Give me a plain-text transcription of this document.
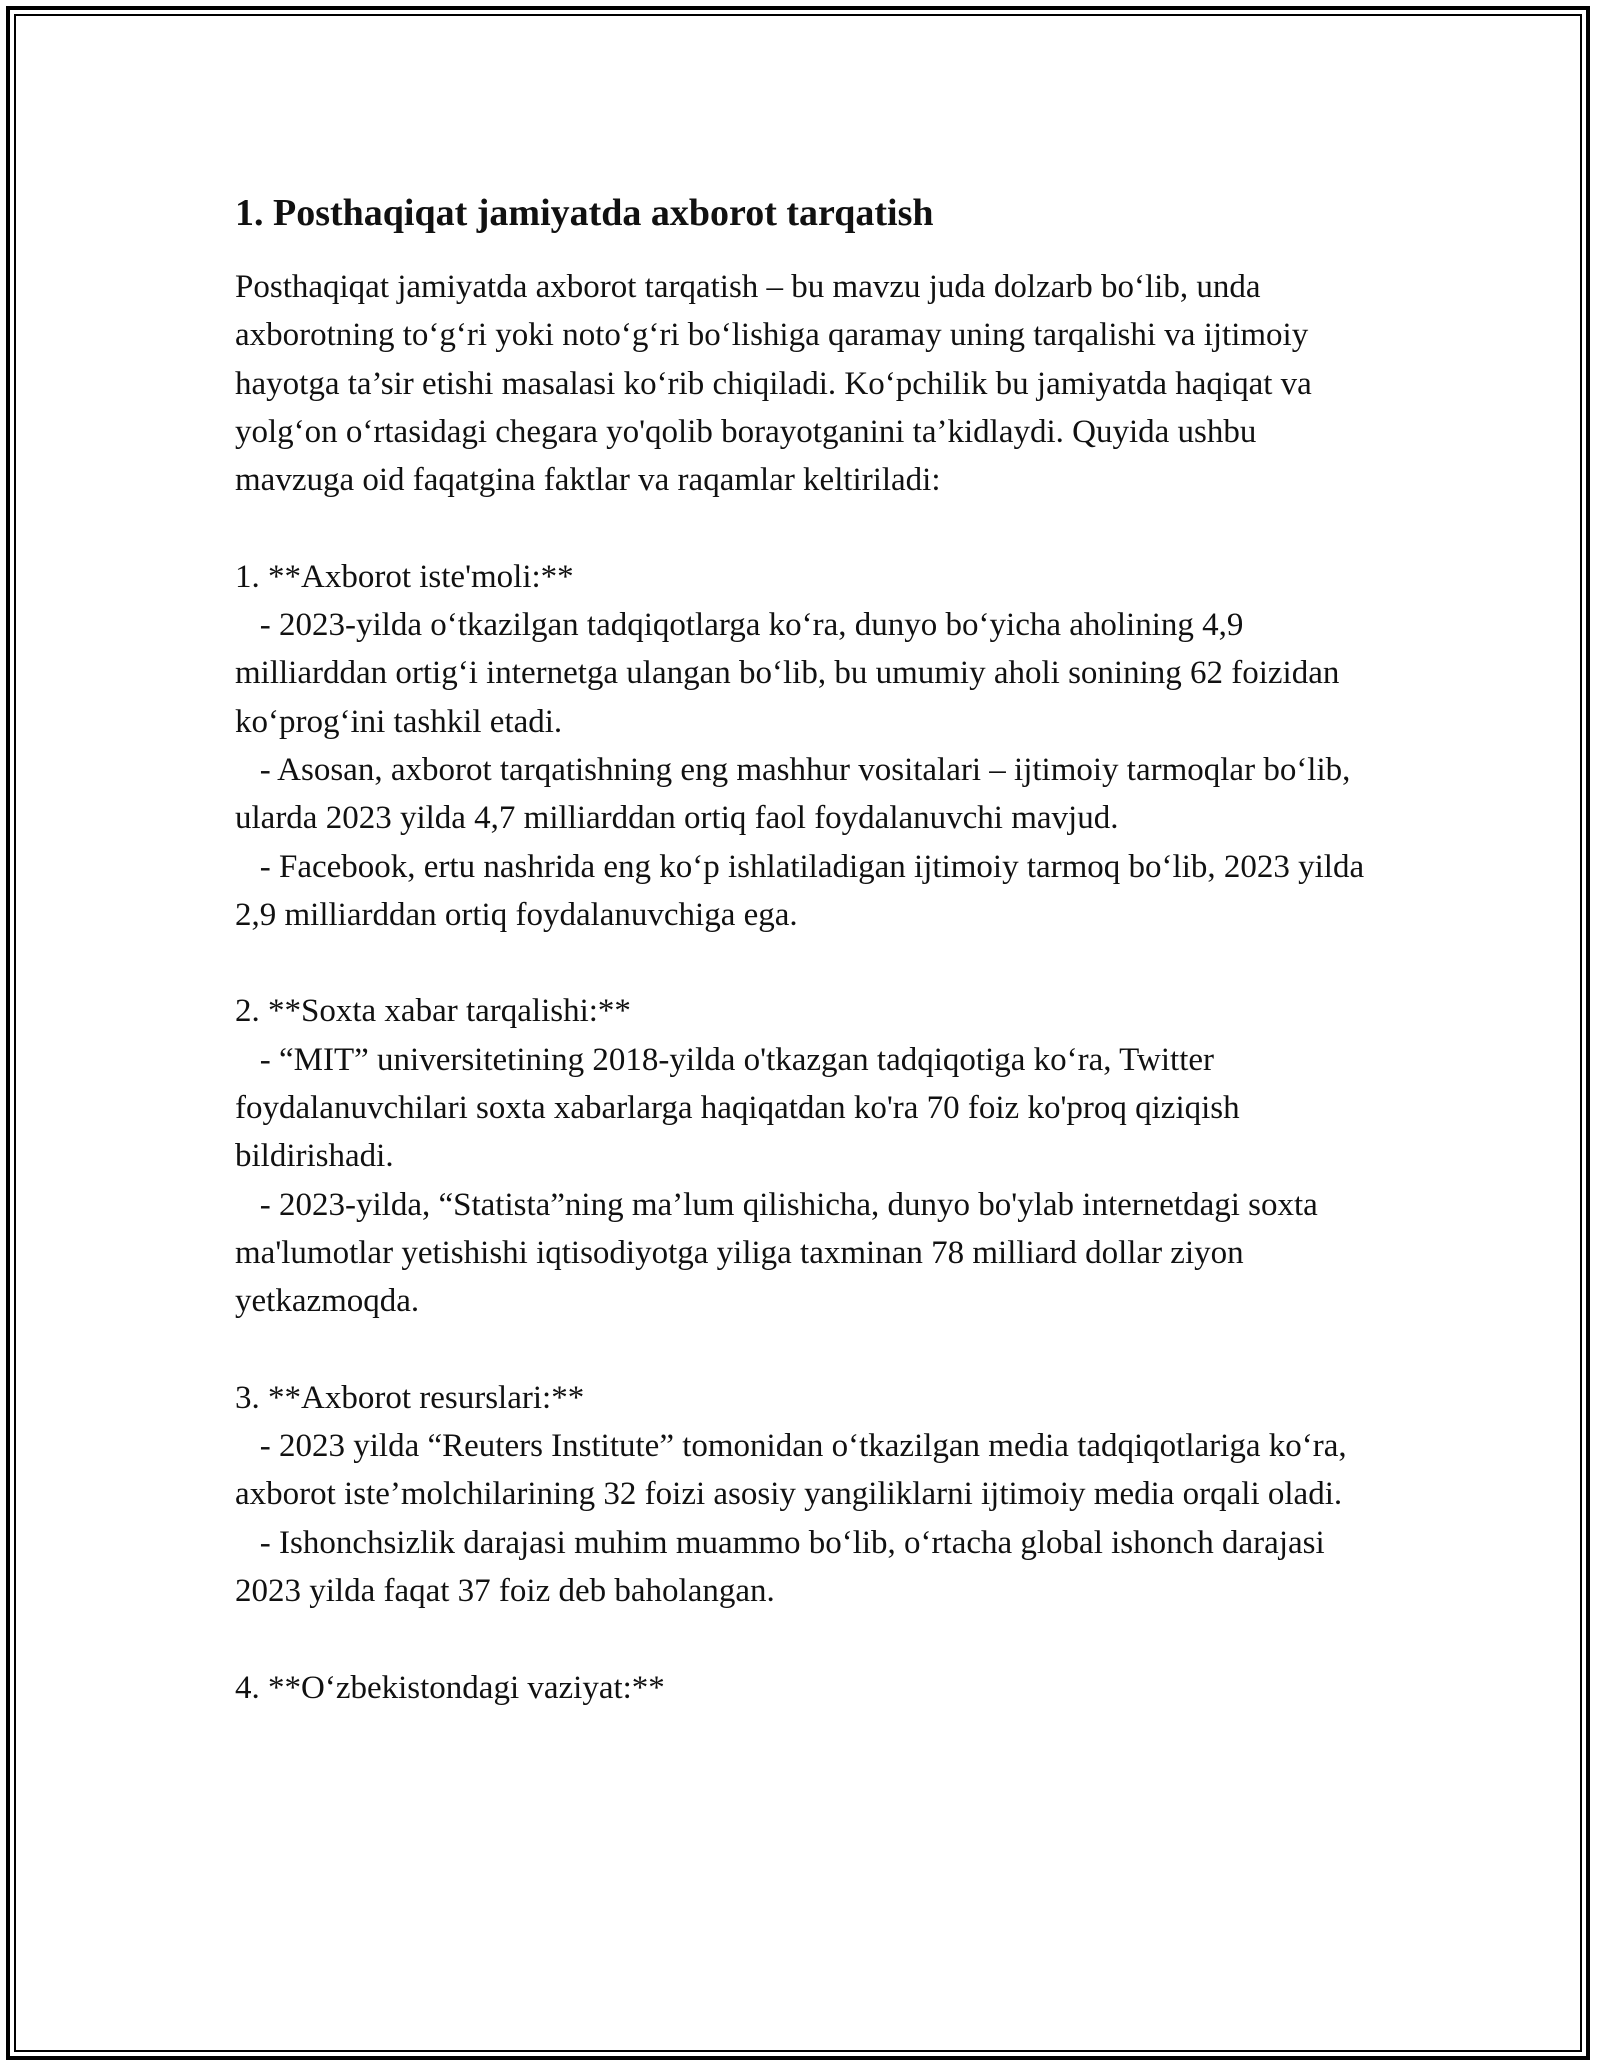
1. Posthaqiqat jamiyatda axborot tarqatish

Posthaqiqat jamiyatda axborot tarqatish – bu mavzu juda dolzarb bo‘lib, unda axborotning to‘g‘ri yoki noto‘g‘ri bo‘lishiga qaramay uning tarqalishi va ijtimoiy hayotga ta’sir etishi masalasi ko‘rib chiqiladi. Ko‘pchilik bu jamiyatda haqiqat va yolg‘on o‘rtasidagi chegara yo'qolib borayotganini ta’kidlaydi. Quyida ushbu mavzuga oid faqatgina faktlar va raqamlar keltiriladi:

1. **Axborot iste'moli:**

- 2023-yilda o‘tkazilgan tadqiqotlarga ko‘ra, dunyo bo‘yicha aholining 4,9 milliarddan ortig‘i internetga ulangan bo‘lib, bu umumiy aholi sonining 62 foizidan ko‘prog‘ini tashkil etadi.

- Asosan, axborot tarqatishning eng mashhur vositalari – ijtimoiy tarmoqlar bo‘lib, ularda 2023 yilda 4,7 milliarddan ortiq faol foydalanuvchi mavjud.

- Facebook, ertu nashrida eng ko‘p ishlatiladigan ijtimoiy tarmoq bo‘lib, 2023 yilda 2,9 milliarddan ortiq foydalanuvchiga ega.

2. **Soxta xabar tarqalishi:**

- “MIT” universitetining 2018-yilda o'tkazgan tadqiqotiga ko‘ra, Twitter foydalanuvchilari soxta xabarlarga haqiqatdan ko'ra 70 foiz ko'proq qiziqish bildirishadi.

- 2023-yilda, “Statista”ning ma’lum qilishicha, dunyo bo'ylab internetdagi soxta ma'lumotlar yetishishi iqtisodiyotga yiliga taxminan 78 milliard dollar ziyon yetkazmoqda.

3. **Axborot resurslari:**

- 2023 yilda “Reuters Institute” tomonidan o‘tkazilgan media tadqiqotlariga ko‘ra, axborot iste’molchilarining 32 foizi asosiy yangiliklarni ijtimoiy media orqali oladi.

- Ishonchsizlik darajasi muhim muammo bo‘lib, o‘rtacha global ishonch darajasi 2023 yilda faqat 37 foiz deb baholangan.

4. **O‘zbekistondagi vaziyat:**
